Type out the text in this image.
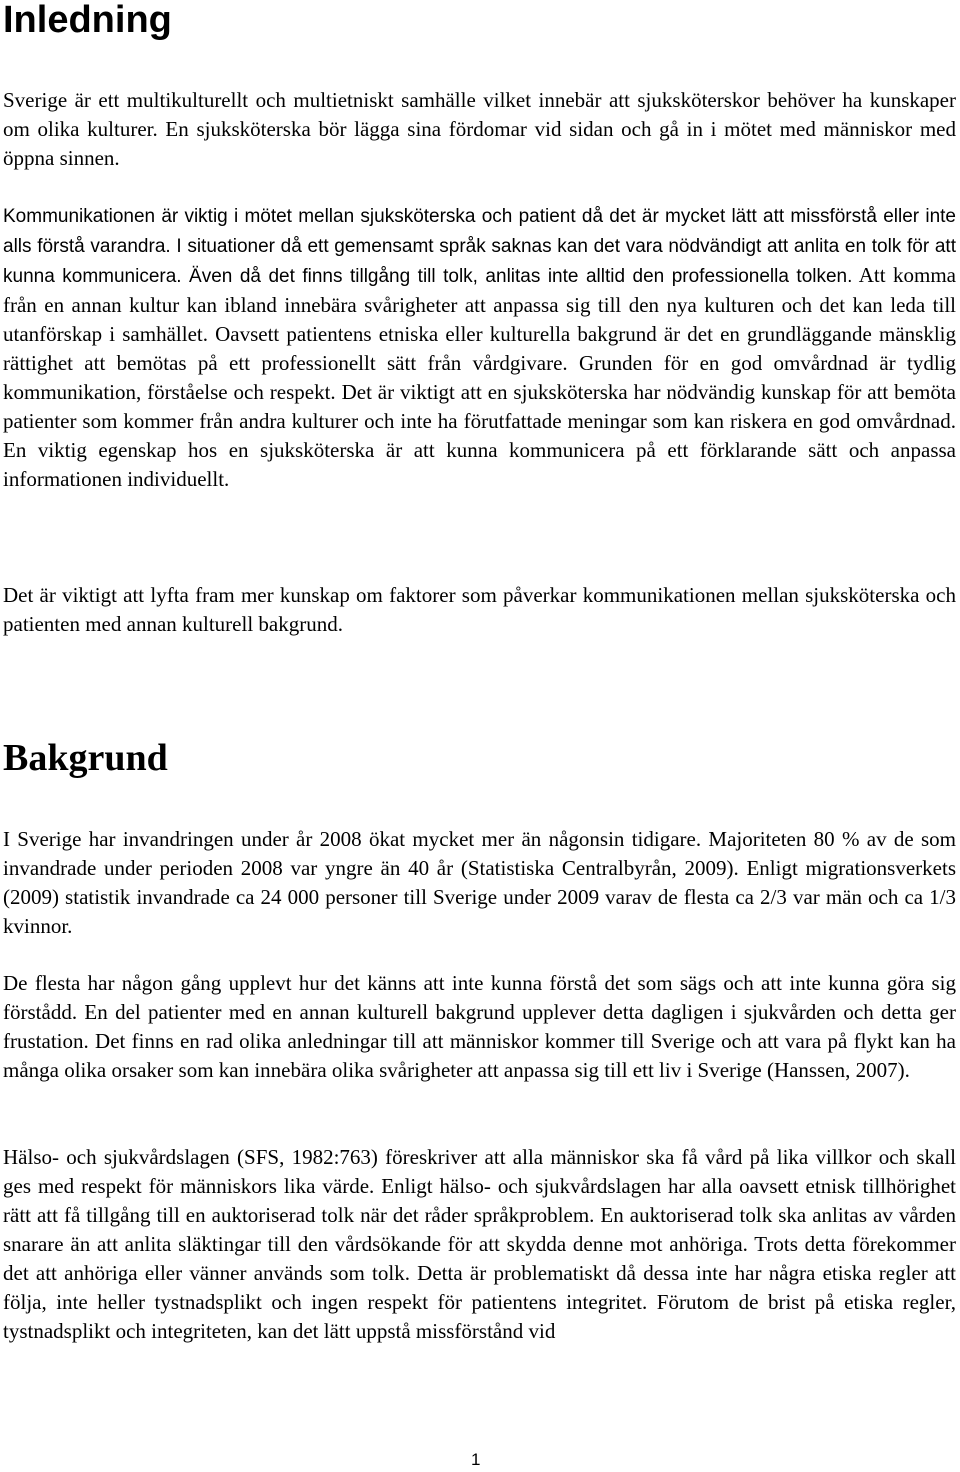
Inledning

Sverige är ett multikulturellt och multietniskt samhälle vilket innebär att sjuksköterskor behöver ha kunskaper om olika kulturer. En sjuksköterska bör lägga sina fördomar vid sidan och gå in i mötet med människor med öppna sinnen.

Kommunikationen är viktig i mötet mellan sjuksköterska och patient då det är mycket lätt att missförstå eller inte alls förstå varandra. I situationer då ett gemensamt språk saknas kan det vara nödvändigt att anlita en tolk för att kunna kommunicera. Även då det finns tillgång till tolk, anlitas inte alltid den professionella tolken. Att komma från en annan kultur kan ibland innebära svårigheter att anpassa sig till den nya kulturen och det kan leda till utanförskap i samhället. Oavsett patientens etniska eller kulturella bakgrund är det en grundläggande mänsklig rättighet att bemötas på ett professionellt sätt från vårdgivare. Grunden för en god omvårdnad är tydlig kommunikation, förståelse och respekt. Det är viktigt att en sjuksköterska har nödvändig kunskap för att bemöta patienter som kommer från andra kulturer och inte ha förutfattade meningar som kan riskera en god omvårdnad. En viktig egenskap hos en sjuksköterska är att kunna kommunicera på ett förklarande sätt och anpassa informationen individuellt.

Det är viktigt att lyfta fram mer kunskap om faktorer som påverkar kommunikationen mellan sjuksköterska och patienten med annan kulturell bakgrund.

Bakgrund

I Sverige har invandringen under år 2008 ökat mycket mer än någonsin tidigare. Majoriteten 80 % av de som invandrade under perioden 2008 var yngre än 40 år (Statistiska Centralbyrån, 2009). Enligt migrationsverkets (2009) statistik invandrade ca 24 000 personer till Sverige under 2009 varav de flesta ca 2/3 var män och ca 1/3 kvinnor.

De flesta har någon gång upplevt hur det känns att inte kunna förstå det som sägs och att inte kunna göra sig förstådd. En del patienter med en annan kulturell bakgrund upplever detta dagligen i sjukvården och detta ger frustation. Det finns en rad olika anledningar till att människor kommer till Sverige och att vara på flykt kan ha många olika orsaker som kan innebära olika svårigheter att anpassa sig till ett liv i Sverige (Hanssen, 2007).

Hälso- och sjukvårdslagen (SFS, 1982:763) föreskriver att alla människor ska få vård på lika villkor och skall ges med respekt för människors lika värde. Enligt hälso- och sjukvårdslagen har alla oavsett etnisk tillhörighet rätt att få tillgång till en auktoriserad tolk när det råder språkproblem. En auktoriserad tolk ska anlitas av vården snarare än att anlita släktingar till den vårdsökande för att skydda denne mot anhöriga. Trots detta förekommer det att anhöriga eller vänner används som tolk. Detta är problematiskt då dessa inte har några etiska regler att följa, inte heller tystnadsplikt och ingen respekt för patientens integritet. Förutom de brist på etiska regler, tystnadsplikt och integriteten, kan det lätt uppstå missförstånd vid

1
